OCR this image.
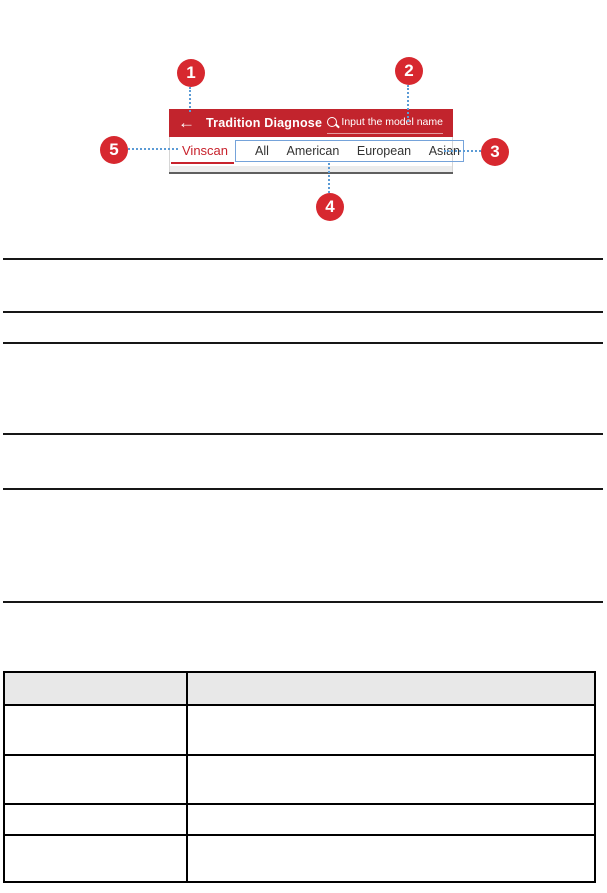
← Tradition Diagnose Input the model name
Vinscan All American European Asian
1	2
3
4
5
